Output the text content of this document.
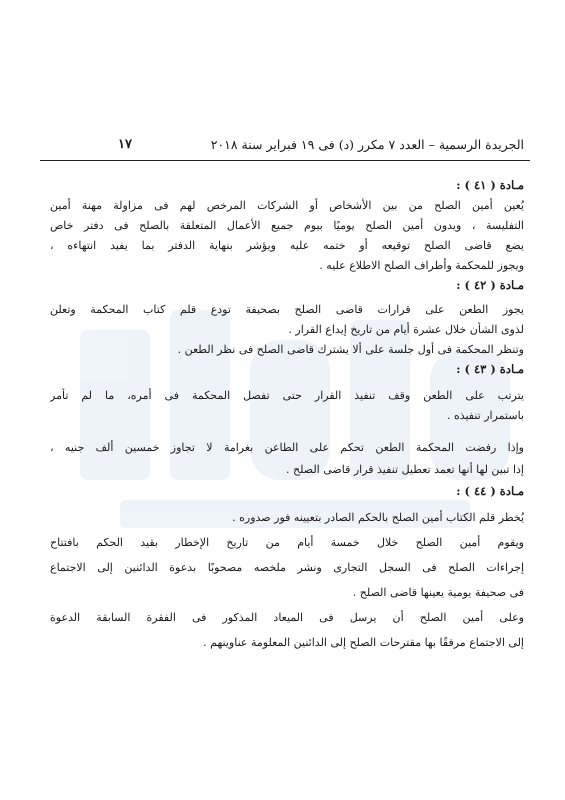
الجريدة الرسمية – العدد ٧ مكرر (د) فى ١٩ فبراير سنة ٢٠١٨
١٧
مـادة ( ٤١ ) :
يُعين أمين الصلح من بين الأشخاص أو الشركات المرخص لهم فى مزاولة مهنة أمين
التفليسة ، ويدون أمين الصلح يوميًا بيوم جميع الأعمال المتعلقة بالصلح فى دفتر خاص
يضع قاضى الصلح توقيعه أو ختمه عليه ويؤشر بنهاية الدفتر بما يفيد انتهاءه ،
ويجوز للمحكمة وأطراف الصلح الاطلاع عليه .
مـادة ( ٤٢ ) :
يجوز الطعن على قرارات قاضى الصلح بصحيفة تودع قلم كتاب المحكمة وتعلن
لذوى الشأن خلال عشرة أيام من تاريخ إيداع القرار .
وتنظر المحكمة فى أول جلسة على ألا يشترك قاضى الصلح فى نظر الطعن .
مـادة ( ٤٣ ) :
يترتب على الطعن وقف تنفيذ القرار حتى تفصل المحكمة فى أمره، ما لم تأمر
باستمرار تنفيذه .
وإذا رفضت المحكمة الطعن تحكم على الطاعن بغرامة لا تجاوز خمسين ألف جنيه ،
إذا تبين لها أنها تعمد تعطيل تنفيذ قرار قاضى الصلح .
مـادة ( ٤٤ ) :
يُخطر قلم الكتاب أمين الصلح بالحكم الصادر بتعيينه فور صدوره .
ويقوم أمين الصلح خلال خمسة أيام من تاريخ الإخطار بقيد الحكم بافتتاح
إجراءات الصلح فى السجل التجارى ونشر ملخصه مصحوبًا بدعوة الدائنين إلى الاجتماع
فى صحيفة يومية يعينها قاضى الصلح .
وعلى أمين الصلح أن يرسل فى الميعاد المذكور فى الفقرة السابقة الدعوة
إلى الاجتماع مرفقًا بها مقترحات الصلح إلى الدائنين المعلومة عناوينهم .
